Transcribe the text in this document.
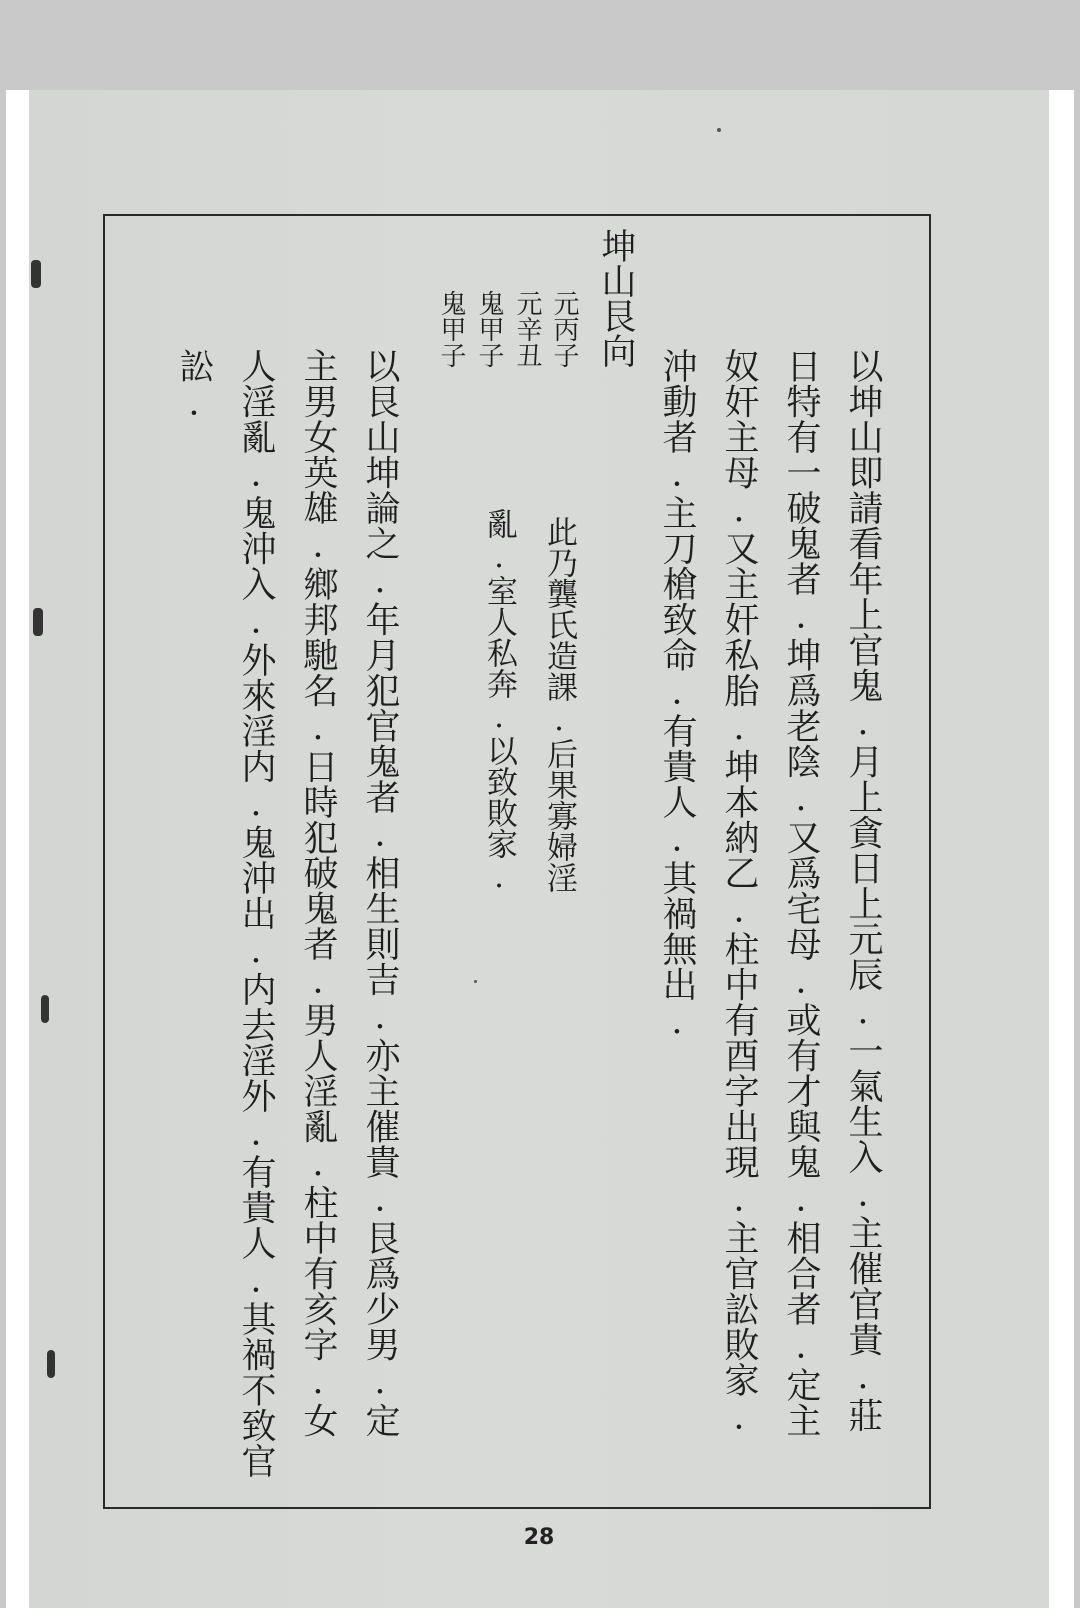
以坤山即請看年上官鬼.月上貪日上元辰.一氣生入.主催官貴.莊
日特有一破鬼者.坤爲老陰.又爲宅母.或有才與鬼.相合者.定主
奴奸主母.又主奸私胎.坤本納乙.柱中有酉字出現.主官訟敗家.
沖動者.主刀槍致命.有貴人.其禍無出.
坤山艮向
元丙子
元辛丑
鬼甲子
鬼甲子
此乃龔氏造課.后果寡婦淫
亂.室人私奔.以致敗家.
以艮山坤論之.年月犯官鬼者.相生則吉.亦主催貴.艮爲少男.定
主男女英雄.鄉邦馳名.日時犯破鬼者.男人淫亂.柱中有亥字.女
人淫亂.鬼沖入.外來淫内.鬼沖出.内去淫外.有貴人.其禍不致官
訟.
28
